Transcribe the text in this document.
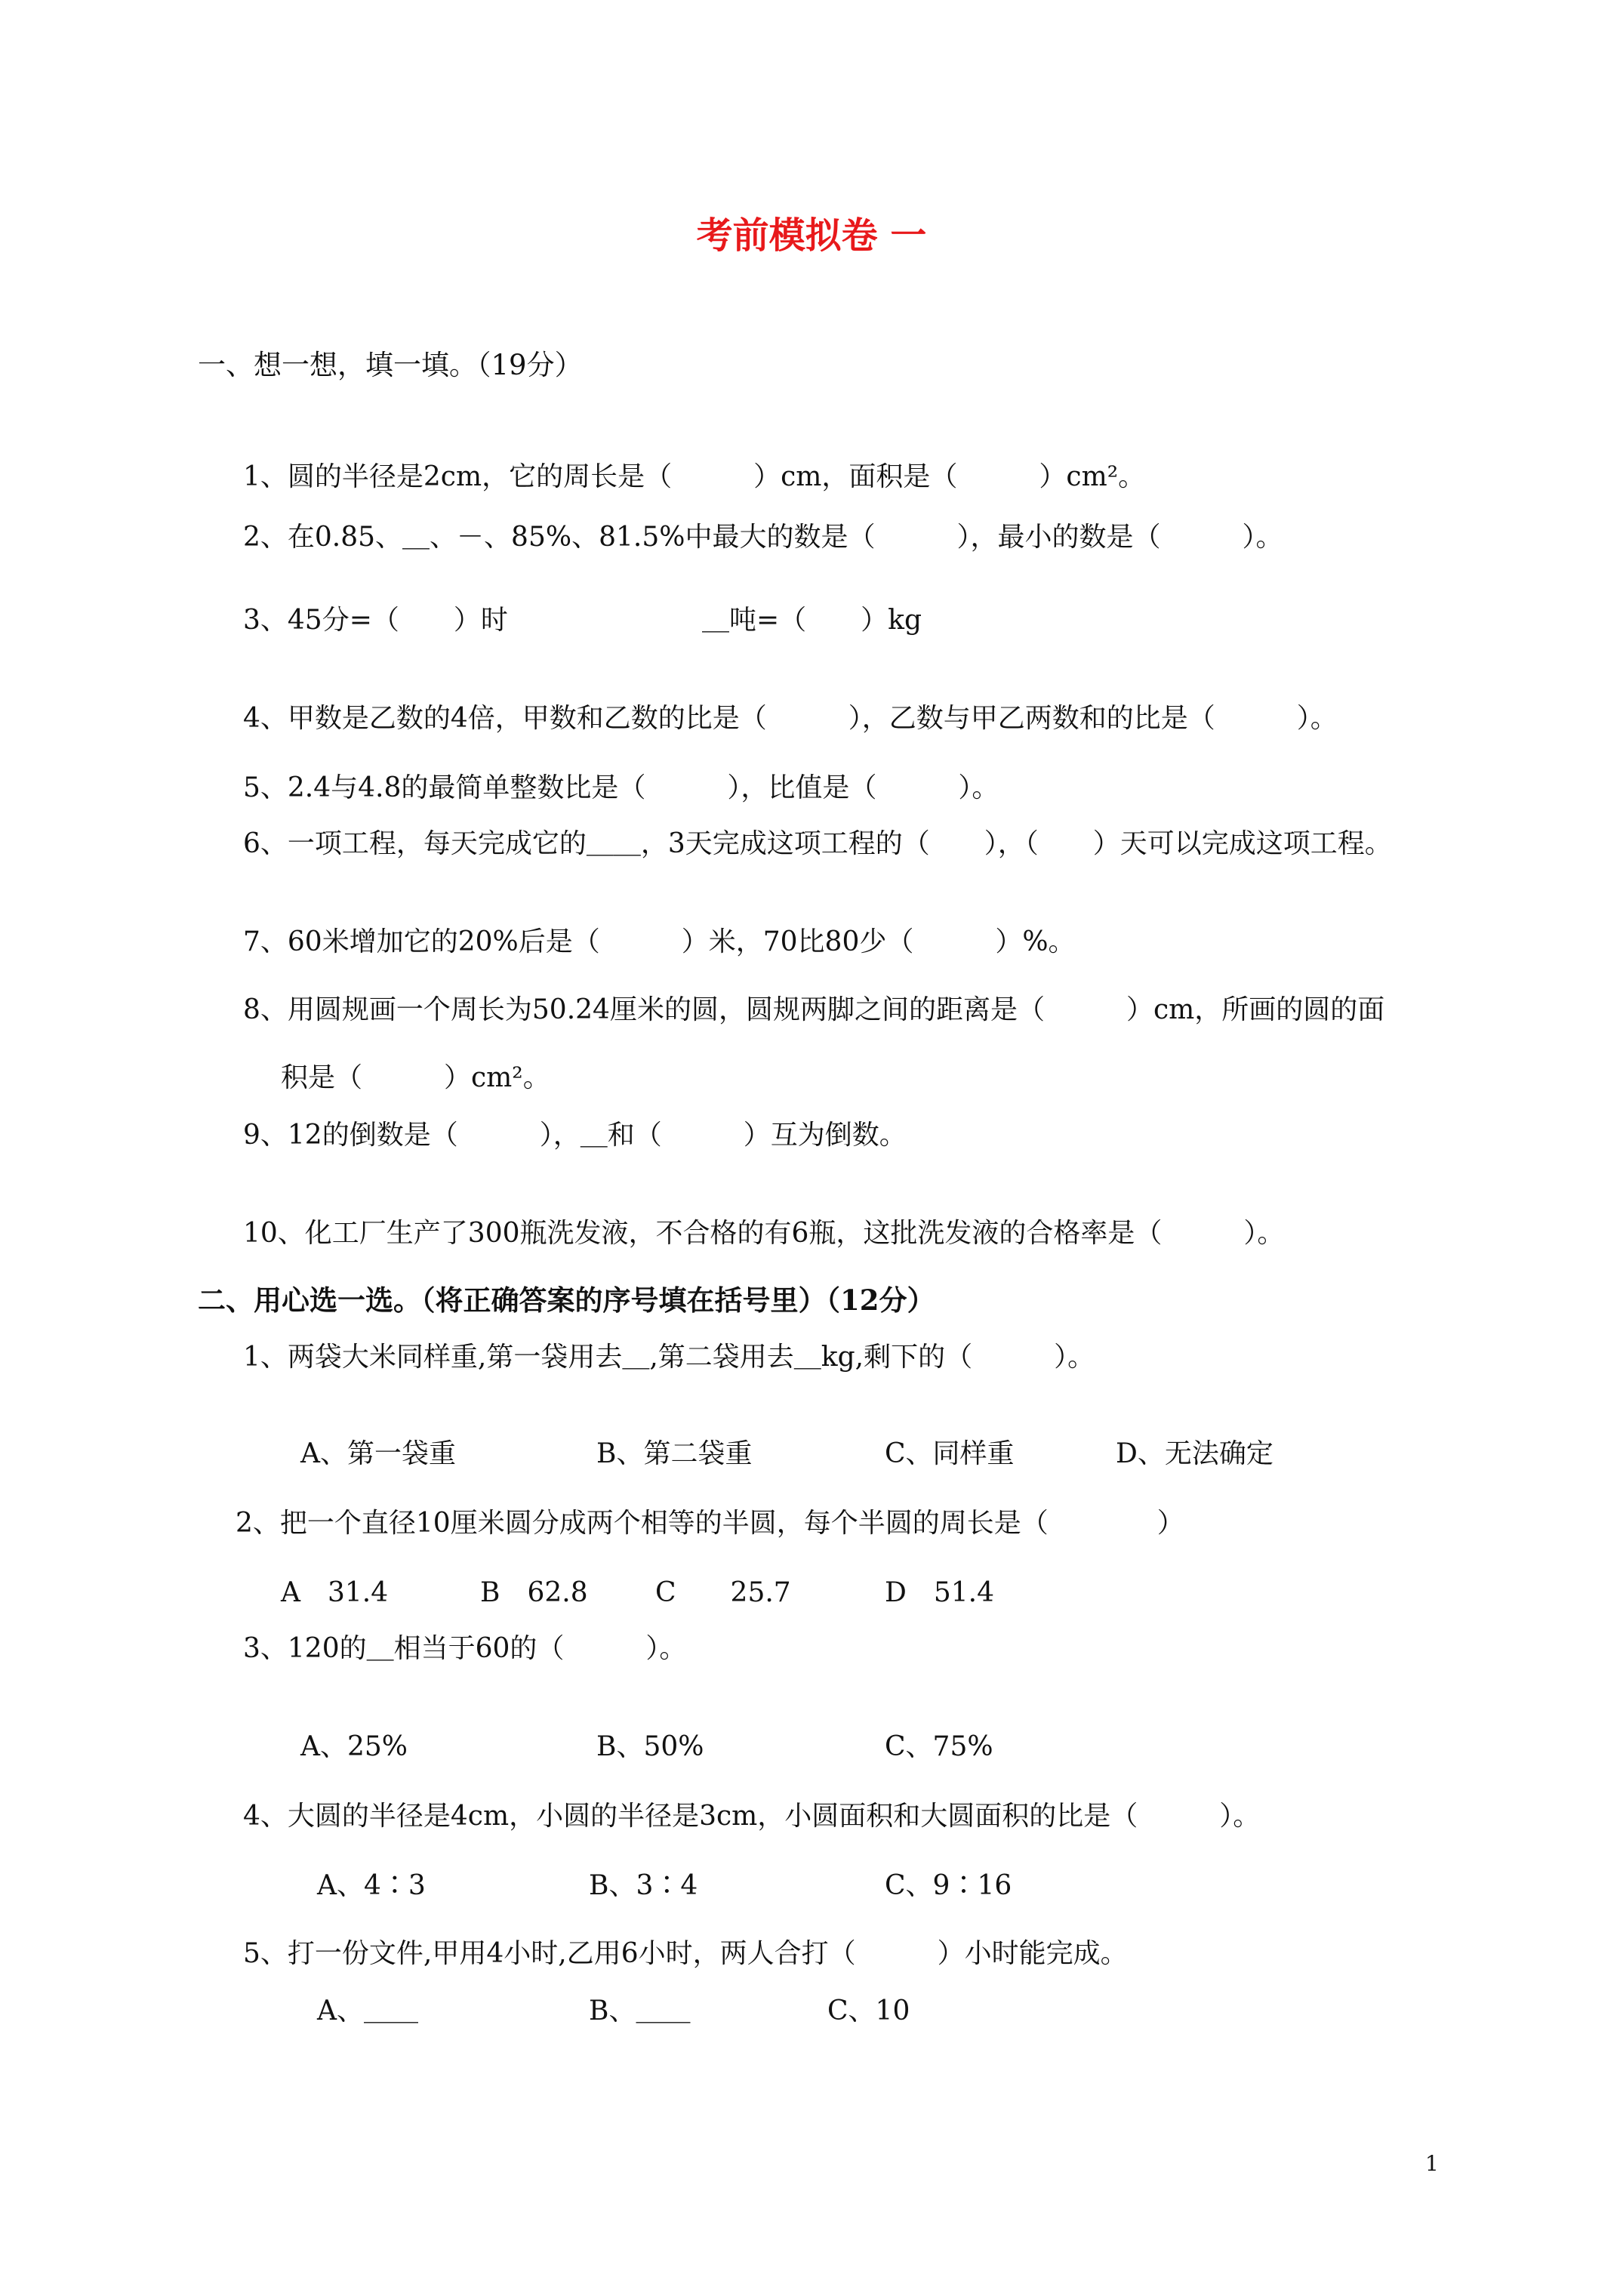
考前模拟卷 一
一、想一想，填一填。（19分）
1、圆的半径是2cm，它的周长是（　　　）cm，面积是（　　　）cm²。
2、在0.85、＿、－、85%、81.5%中最大的数是（　　　），最小的数是（　　　）。
3、45分=（　　）时	＿吨=（　　）kg
4、甲数是乙数的4倍，甲数和乙数的比是（　　　），乙数与甲乙两数和的比是（　　　）。
5、2.4与4.8的最简单整数比是（　　　），比值是（　　　）。
6、一项工程，每天完成它的＿＿，3天完成这项工程的（　　），（　　）天可以完成这项工程。
7、60米增加它的20%后是（　　　）米，70比80少（　　　）%。
8、用圆规画一个周长为50.24厘米的圆，圆规两脚之间的距离是（　　　）cm，所画的圆的面
积是（　　　）cm²。
9、12的倒数是（　　　），＿和（　　　）互为倒数。
10、化工厂生产了300瓶洗发液，不合格的有6瓶，这批洗发液的合格率是（　　　）。
二、用心选一选。（将正确答案的序号填在括号里）（12分）
1、两袋大米同样重,第一袋用去＿,第二袋用去＿kg,剩下的（　　　）。
A、第一袋重	B、第二袋重	C、同样重	D、无法确定
2、把一个直径10厘米圆分成两个相等的半圆，每个半圆的周长是（　　　　）
A　31.4	B　62.8 C　　25.7	D　51.4
3、120的＿相当于60的（　　　）。
A、25%	B、50%	C、75%
4、大圆的半径是4cm，小圆的半径是3cm，小圆面积和大圆面积的比是（　　　）。
A、4∶3	B、3∶4	C、9∶16
5、打一份文件,甲用4小时,乙用6小时，两人合打（　　　）小时能完成。
A、＿＿	B、＿＿	C、10
1
